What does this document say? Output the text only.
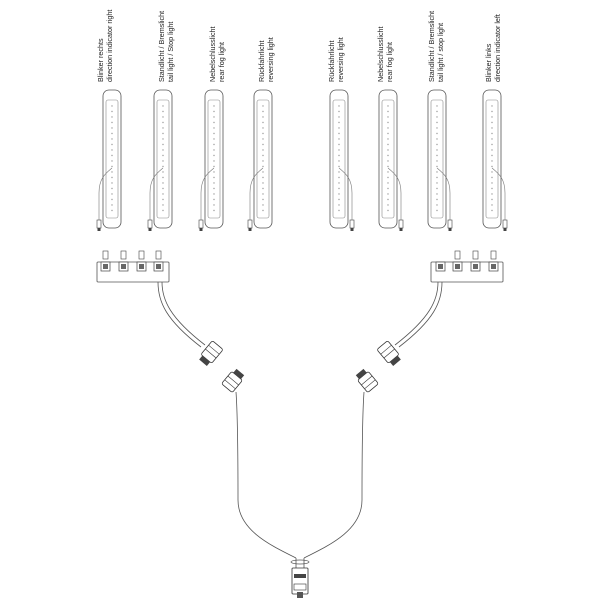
Blinker rechts direction indicator right	Standlicht / Bremslicht tail light / Stop light	Nebelschlusslicht rear fog light	Rückfahrlicht reversing light	Rückfahrlicht reversing light	Nebelschlusslicht rear fog light	Standlicht / Bremslicht tail light / stop light	Blinker links direction indicator left
